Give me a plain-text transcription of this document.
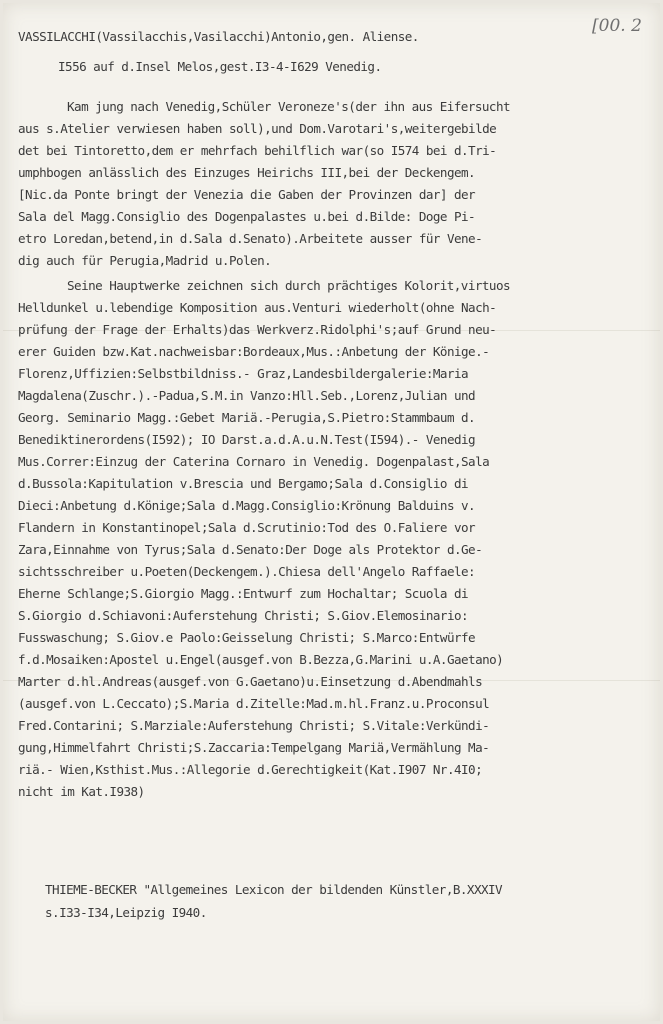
[00. 2

VASSILACCHI(Vassilacchis,Vasilacchi)Antonio,gen. Aliense.

I556 auf d.Insel Melos,gest.I3-4-I629 Venedig.

Kam jung nach Venedig,Schüler Veroneze's(der ihn aus Eifersucht

aus s.Atelier verwiesen haben soll),und Dom.Varotari's,weitergebilde

det bei Tintoretto,dem er mehrfach behilflich war(so I574 bei d.Tri-

umphbogen anlässlich des Einzuges Heirichs III,bei der Deckengem.

[Nic.da Ponte bringt der Venezia die Gaben der Provinzen dar] der

Sala del Magg.Consiglio des Dogenpalastes u.bei d.Bilde: Doge Pi-

etro Loredan,betend,in d.Sala d.Senato).Arbeitete ausser für Vene-

dig auch für Perugia,Madrid u.Polen.

Seine Hauptwerke zeichnen sich durch prächtiges Kolorit,virtuos

Helldunkel u.lebendige Komposition aus.Venturi wiederholt(ohne Nach-

prüfung der Frage der Erhalts)das Werkverz.Ridolphi's;auf Grund neu-

erer Guiden bzw.Kat.nachweisbar:Bordeaux,Mus.:Anbetung der Könige.-

Florenz,Uffizien:Selbstbildniss.- Graz,Landesbildergalerie:Maria

Magdalena(Zuschr.).-Padua,S.M.in Vanzo:Hll.Seb.,Lorenz,Julian und

Georg. Seminario Magg.:Gebet Mariä.-Perugia,S.Pietro:Stammbaum d.

Benediktinerordens(I592); IO Darst.a.d.A.u.N.Test(I594).- Venedig

Mus.Correr:Einzug der Caterina Cornaro in Venedig. Dogenpalast,Sala

d.Bussola:Kapitulation v.Brescia und Bergamo;Sala d.Consiglio di

Dieci:Anbetung d.Könige;Sala d.Magg.Consiglio:Krönung Balduins v.

Flandern in Konstantinopel;Sala d.Scrutinio:Tod des O.Faliere vor

Zara,Einnahme von Tyrus;Sala d.Senato:Der Doge als Protektor d.Ge-

sichtsschreiber u.Poeten(Deckengem.).Chiesa dell'Angelo Raffaele:

Eherne Schlange;S.Giorgio Magg.:Entwurf zum Hochaltar; Scuola di

S.Giorgio d.Schiavoni:Auferstehung Christi; S.Giov.Elemosinario:

Fusswaschung; S.Giov.e Paolo:Geisselung Christi; S.Marco:Entwürfe

f.d.Mosaiken:Apostel u.Engel(ausgef.von B.Bezza,G.Marini u.A.Gaetano)

Marter d.hl.Andreas(ausgef.von G.Gaetano)u.Einsetzung d.Abendmahls

(ausgef.von L.Ceccato);S.Maria d.Zitelle:Mad.m.hl.Franz.u.Proconsul

Fred.Contarini; S.Marziale:Auferstehung Christi; S.Vitale:Verkündi-

gung,Himmelfahrt Christi;S.Zaccaria:Tempelgang Mariä,Vermählung Ma-

riä.- Wien,Ksthist.Mus.:Allegorie d.Gerechtigkeit(Kat.I907 Nr.4I0;

nicht im Kat.I938)

THIEME-BECKER "Allgemeines Lexicon der bildenden Künstler,B.XXXIV

s.I33-I34,Leipzig I940.
